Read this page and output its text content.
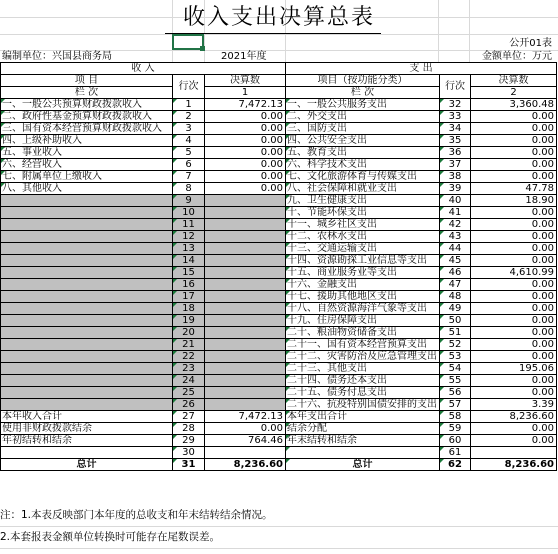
收入支出决算总表
公开01表
编制单位：兴国县商务局	2021年度	金额单位：万元
收 入			支 出		
项 目	行次	决算数	项目（按功能分类）	行次	决算数
栏 次		1	栏 次		2
一、一般公共预算财政拨款收入	1	7,472.13	一、一般公共服务支出	32	3,360.48
二、政府性基金预算财政拨款收入	2	0.00	二、外交支出	33	0.00
三、国有资本经营预算财政拨款收入	3	0.00	三、国防支出	34	0.00
四、上级补助收入	4	0.00	四、公共安全支出	35	0.00
五、事业收入	5	0.00	五、教育支出	36	0.00
六、经营收入	6	0.00	六、科学技术支出	37	0.00
七、附属单位上缴收入	7	0.00	七、文化旅游体育与传媒支出	38	0.00
八、其他收入	8	0.00	八、社会保障和就业支出	39	47.78
	9		九、卫生健康支出	40	18.90
	10		十、节能环保支出	41	0.00
	11		十一、城乡社区支出	42	0.00
	12		十二、农林水支出	43	0.00
	13		十三、交通运输支出	44	0.00
	14		十四、资源勘探工业信息等支出	45	0.00
	15		十五、商业服务业等支出	46	4,610.99
	16		十六、金融支出	47	0.00
	17		十七、援助其他地区支出	48	0.00
	18		十八、自然资源海洋气象等支出	49	0.00
	19		十九、住房保障支出	50	0.00
	20		二十、粮油物资储备支出	51	0.00
	21		二十一、国有资本经营预算支出	52	0.00
	22		二十二、灾害防治及应急管理支出	53	0.00
	23		二十三、其他支出	54	195.06
	24		二十四、债务还本支出	55	0.00
	25		二十五、债务付息支出	56	0.00
	26		二十六、抗疫特别国债安排的支出	57	3.39
本年收入合计	27	7,472.13	本年支出合计	58	8,236.60
使用非财政拨款结余	28	0.00	结余分配	59	0.00
年初结转和结余	29	764.46	年末结转和结余	60	0.00
	30			61	
总计	31	8,236.60	总计	62	8,236.60
注：1.本表反映部门本年度的总收支和年末结转结余情况。
2.本套报表金额单位转换时可能存在尾数误差。
